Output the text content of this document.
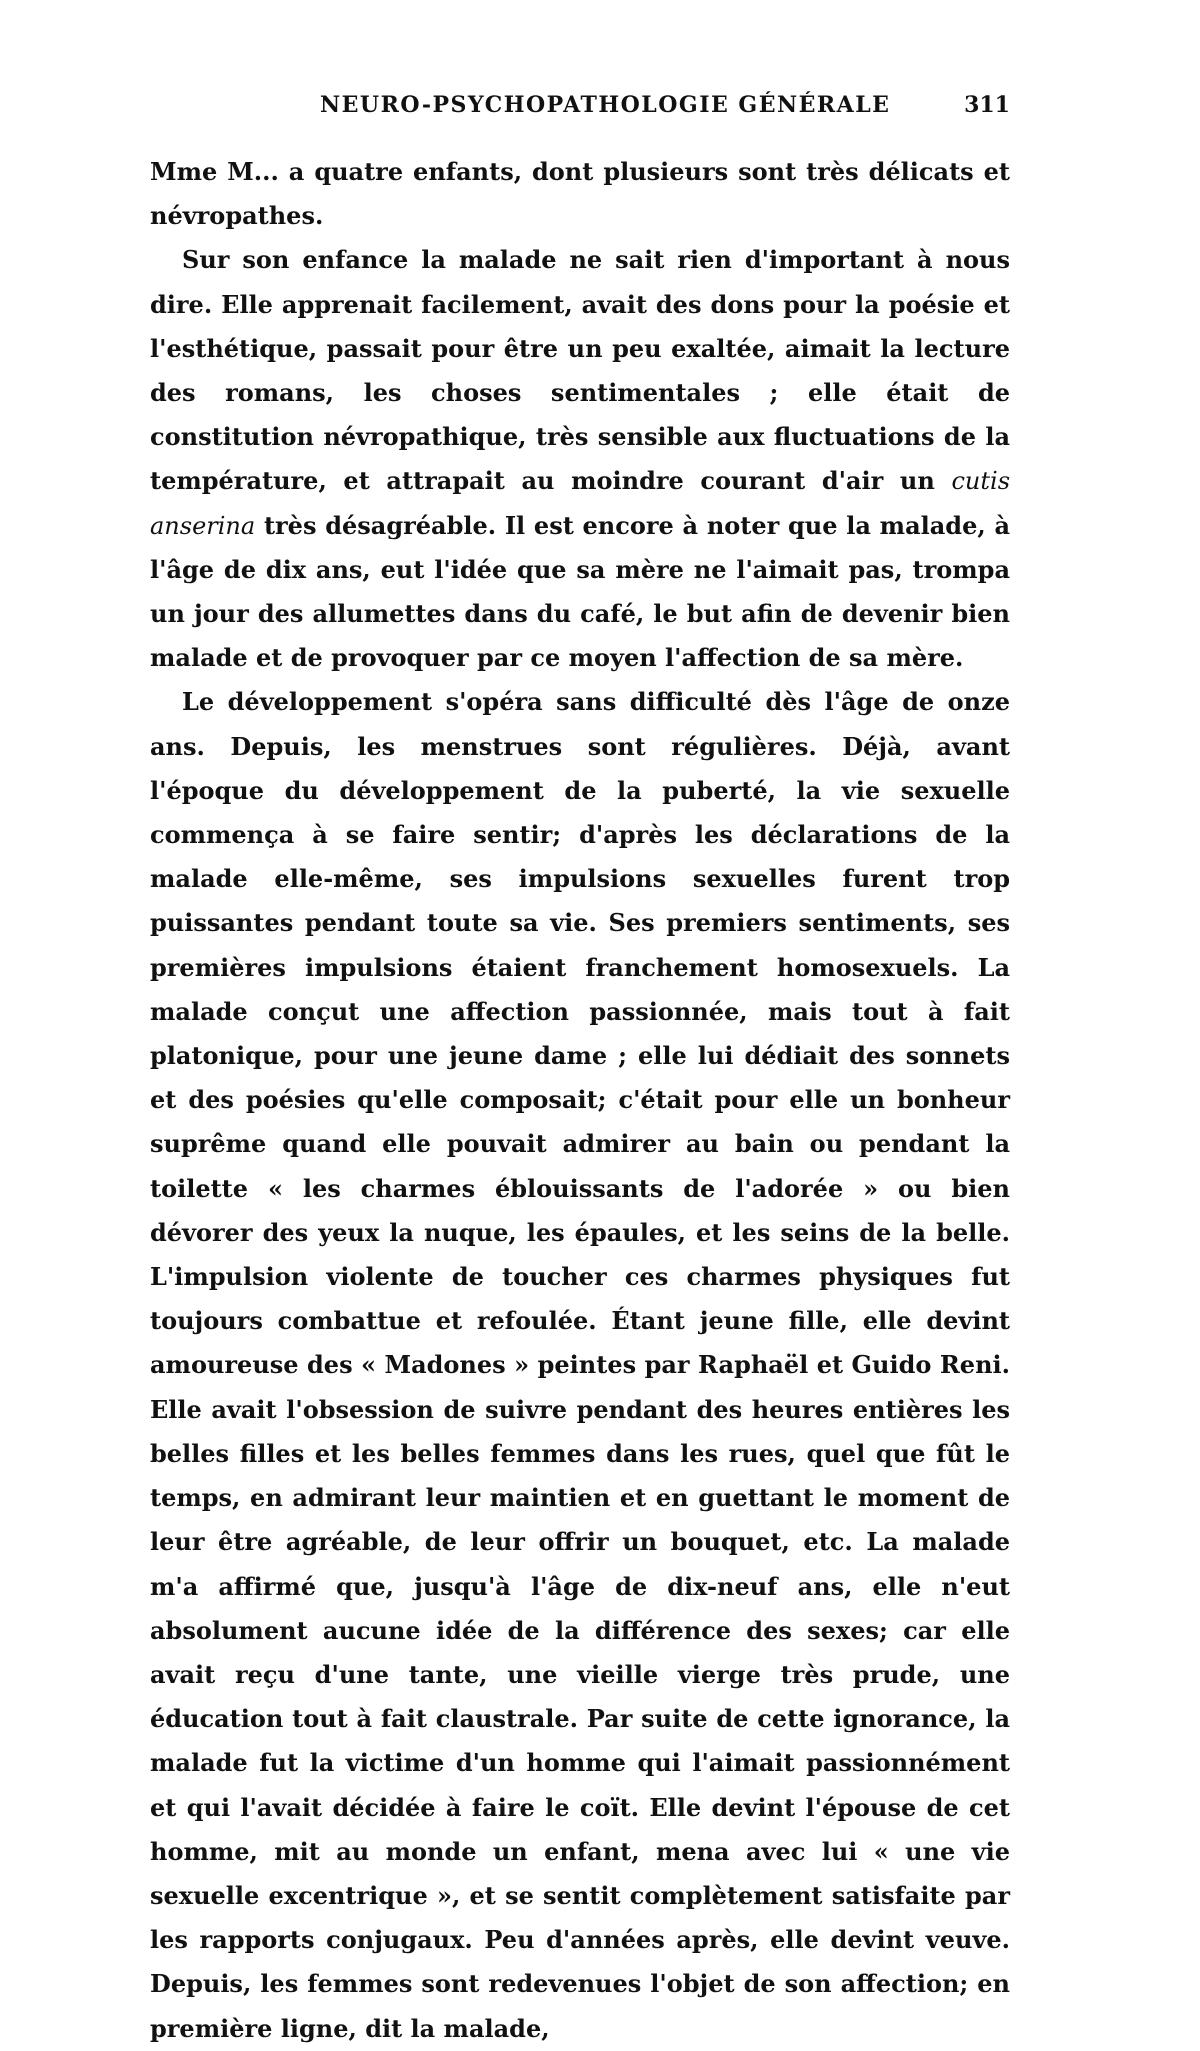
NEURO-PSYCHOPATHOLOGIE GÉNÉRALE	311

Mme M... a quatre enfants, dont plusieurs sont très délicats et névropathes.

Sur son enfance la malade ne sait rien d'important à nous dire. Elle apprenait facilement, avait des dons pour la poésie et l'esthétique, passait pour être un peu exaltée, aimait la lecture des romans, les choses sentimentales ; elle était de constitution névropathique, très sensible aux fluctuations de la température, et attrapait au moindre courant d'air un cutis anserina très désagréable. Il est encore à noter que la malade, à l'âge de dix ans, eut l'idée que sa mère ne l'aimait pas, trompa un jour des allumettes dans du café, le but afin de devenir bien malade et de provoquer par ce moyen l'affection de sa mère.

Le développement s'opéra sans difficulté dès l'âge de onze ans. Depuis, les menstrues sont régulières. Déjà, avant l'époque du développement de la puberté, la vie sexuelle commença à se faire sentir; d'après les déclarations de la malade elle-même, ses impulsions sexuelles furent trop puissantes pendant toute sa vie. Ses premiers sentiments, ses premières impulsions étaient franchement homosexuels. La malade conçut une affection passionnée, mais tout à fait platonique, pour une jeune dame ; elle lui dédiait des sonnets et des poésies qu'elle composait; c'était pour elle un bonheur suprême quand elle pouvait admirer au bain ou pendant la toilette « les charmes éblouissants de l'adorée » ou bien dévorer des yeux la nuque, les épaules, et les seins de la belle. L'impulsion violente de toucher ces charmes physiques fut toujours combattue et refoulée. Étant jeune fille, elle devint amoureuse des « Madones » peintes par Raphaël et Guido Reni. Elle avait l'obsession de suivre pendant des heures entières les belles filles et les belles femmes dans les rues, quel que fût le temps, en admirant leur maintien et en guettant le moment de leur être agréable, de leur offrir un bouquet, etc. La malade m'a affirmé que, jusqu'à l'âge de dix-neuf ans, elle n'eut absolument aucune idée de la différence des sexes; car elle avait reçu d'une tante, une vieille vierge très prude, une éducation tout à fait claustrale. Par suite de cette ignorance, la malade fut la victime d'un homme qui l'aimait passionnément et qui l'avait décidée à faire le coït. Elle devint l'épouse de cet homme, mit au monde un enfant, mena avec lui « une vie sexuelle excentrique », et se sentit complètement satisfaite par les rapports conjugaux. Peu d'années après, elle devint veuve. Depuis, les femmes sont redevenues l'objet de son affection; en première ligne, dit la malade,
